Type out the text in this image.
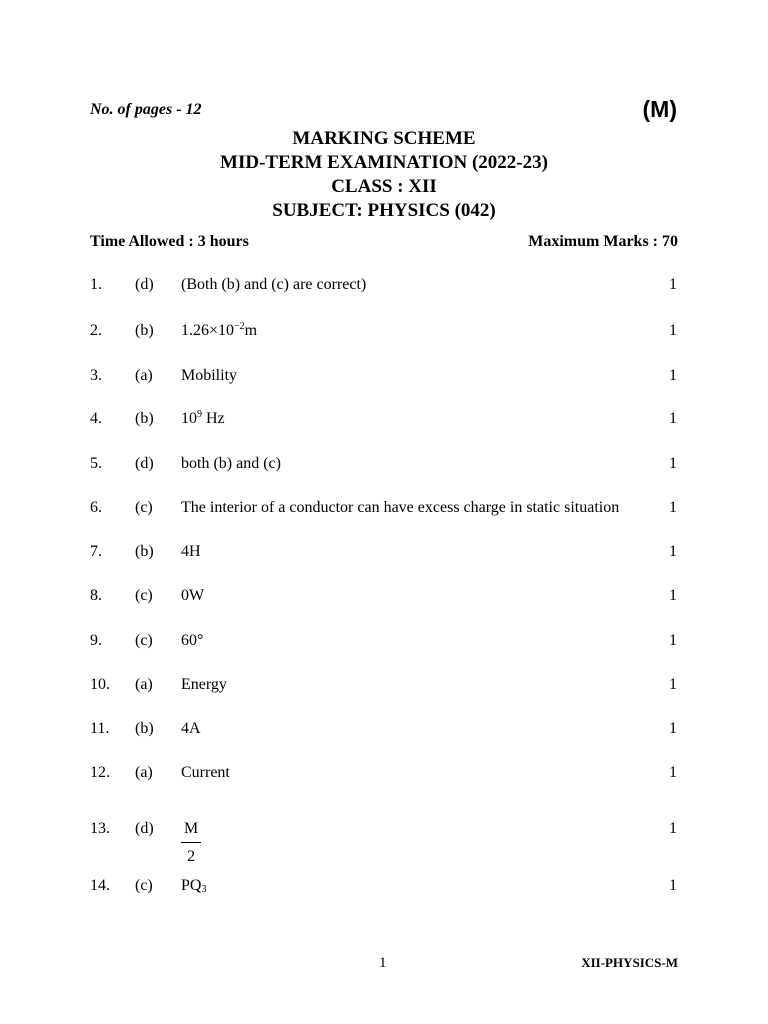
No. of pages - 12	(M)
MARKING SCHEME
MID-TERM EXAMINATION (2022-23)
CLASS : XII
SUBJECT: PHYSICS (042)
Time Allowed : 3 hours	Maximum Marks : 70
1. (d) (Both (b) and (c) are correct)	1
2. (b) $1.26\times 10^{-2}m$	1
3. (a) Mobility	1
4. (b) $10^9$ Hz	1
5. (d) both (b) and (c)	1
6. (c) The interior of a conductor can have excess charge in static situation	1
7. (b) 4H	1
8. (c) 0W	1
9. (c) 60°	1
10. (a) Energy	1
11. (b) 4A	1
12. (a) Current	1
13. $(d) \frac{M}{2}$	1
14. (c) $PQ_3$	1
1	XII-PHYSICS-M
